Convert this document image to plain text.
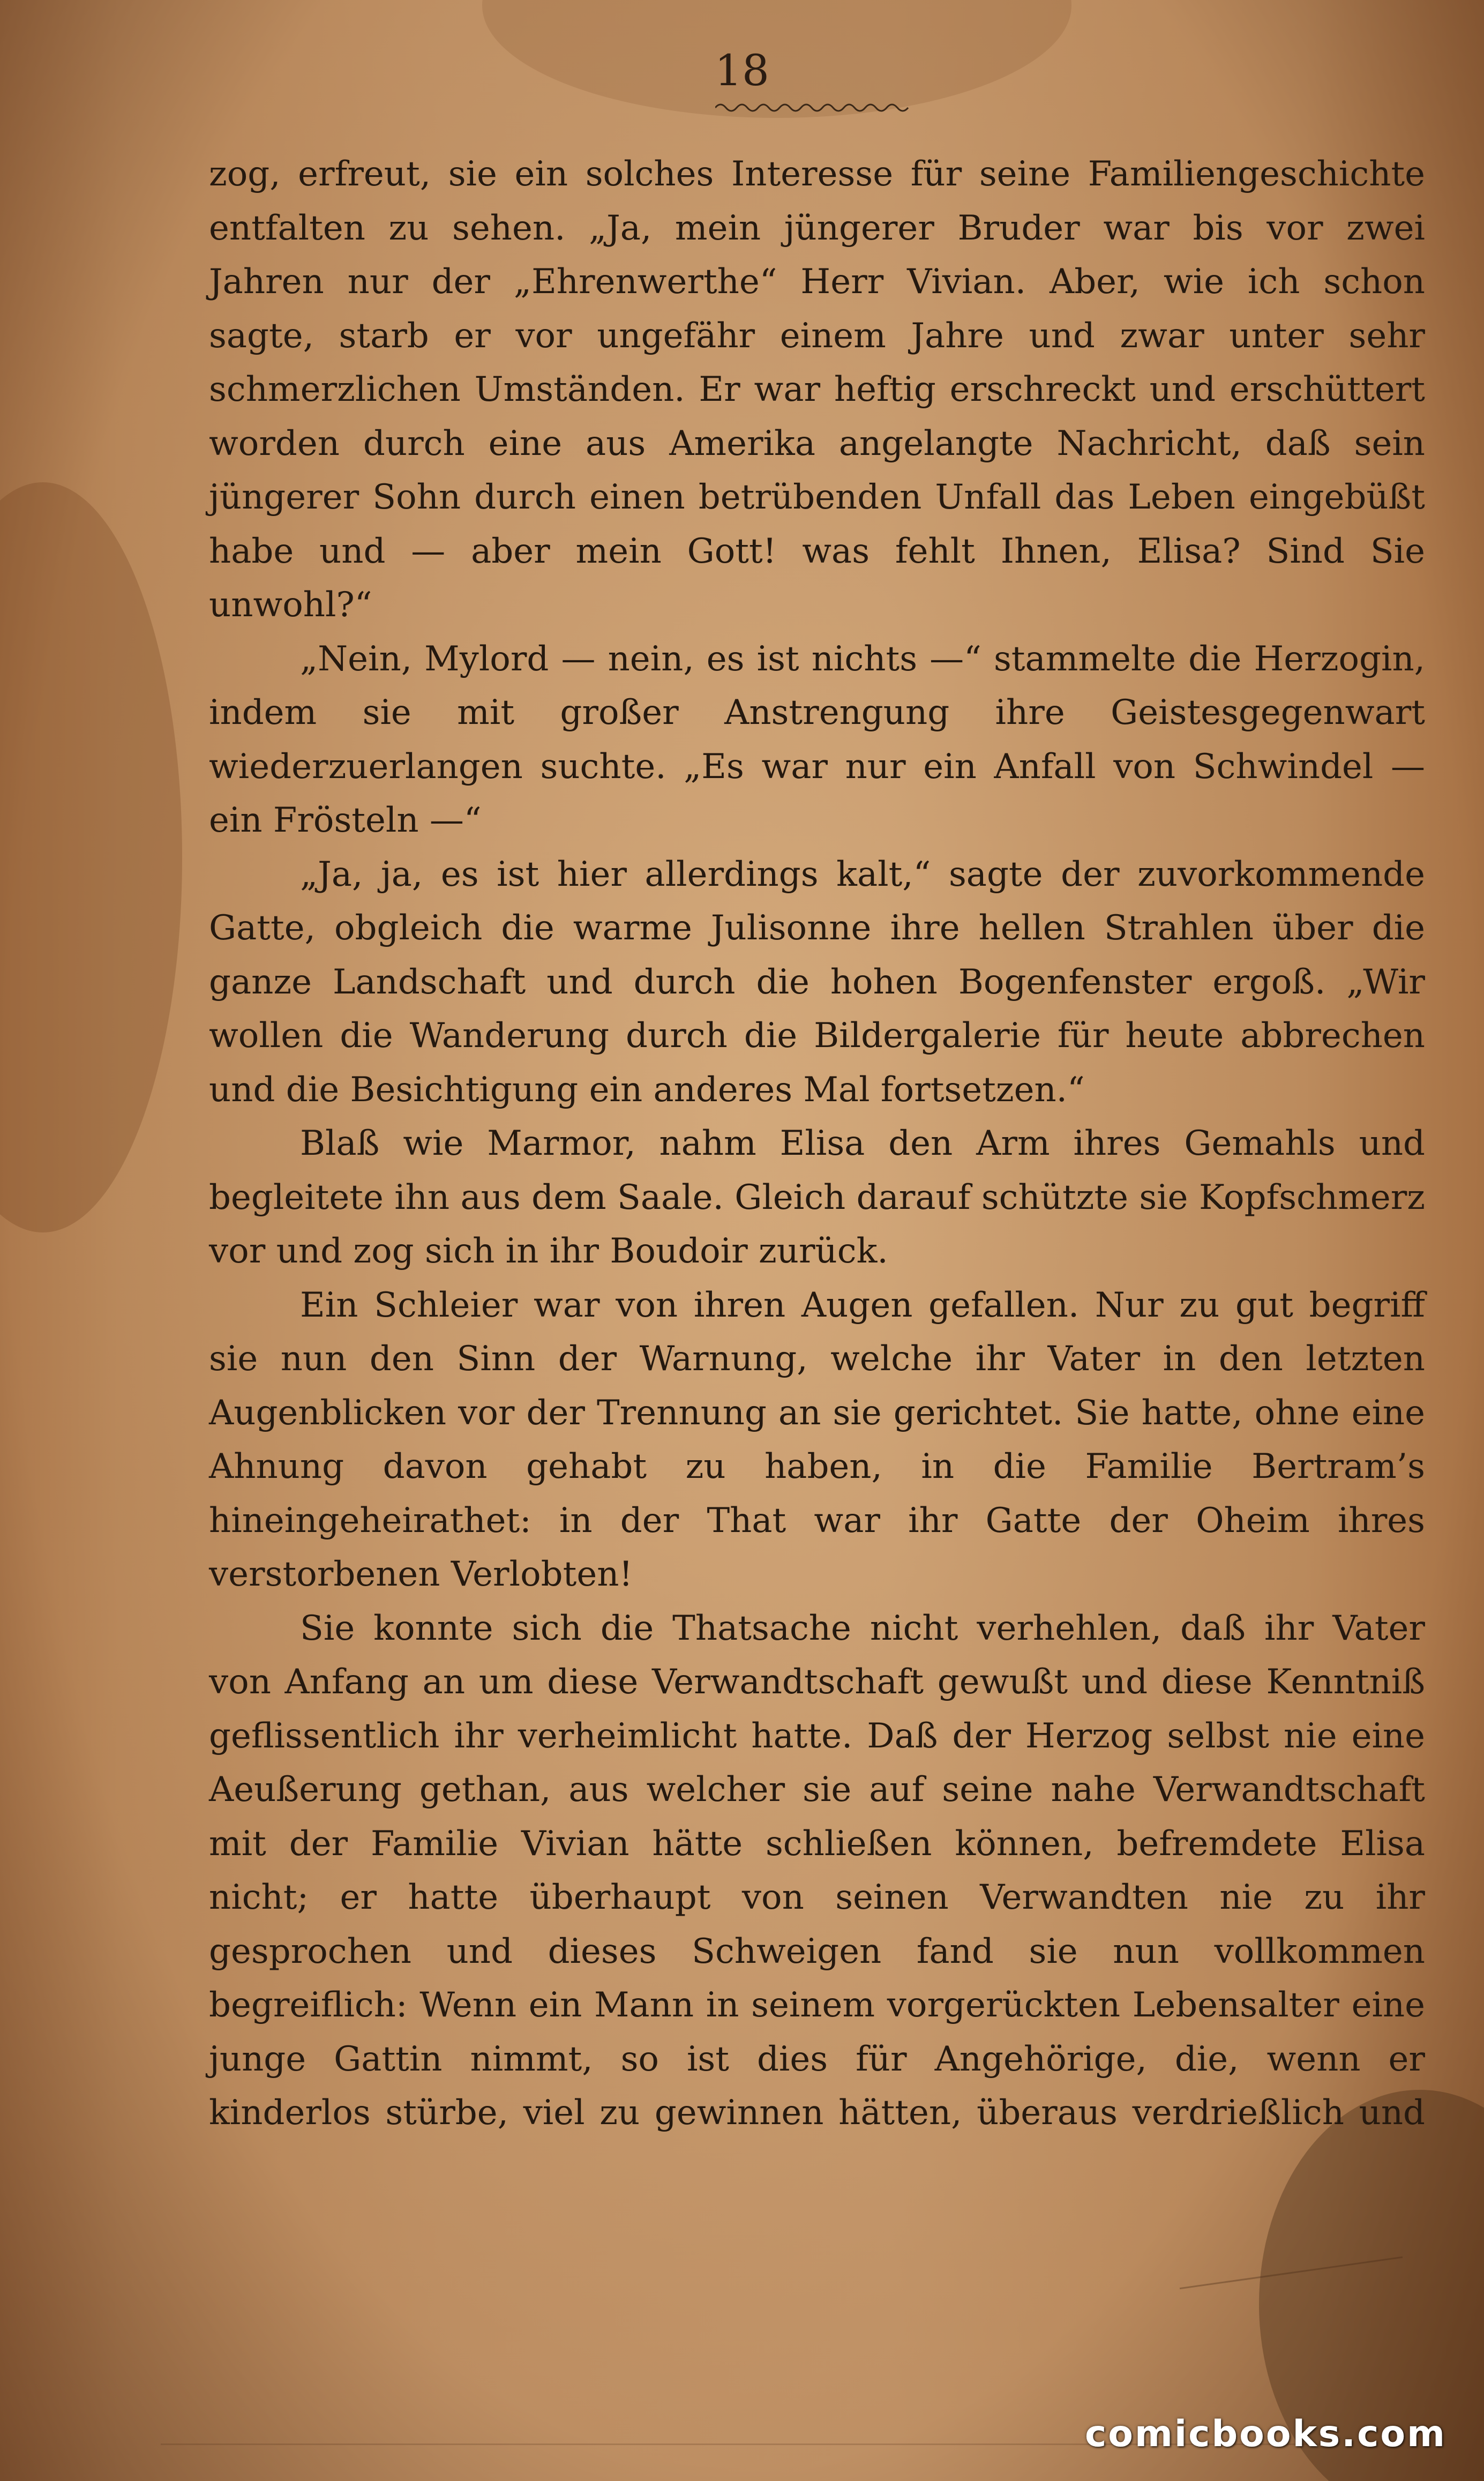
18

zog, erfreut, sie ein solches Interesse für seine Familiengeschichte entfalten zu sehen. „Ja, mein jüngerer Bruder war bis vor zwei Jahren nur der „Ehrenwerthe“ Herr Vivian. Aber, wie ich schon sagte, starb er vor ungefähr einem Jahre und zwar unter sehr schmerzlichen Umständen. Er war heftig erschreckt und erschüttert worden durch eine aus Amerika angelangte Nachricht, daß sein jüngerer Sohn durch einen betrübenden Unfall das Leben eingebüßt habe und — aber mein Gott! was fehlt Ihnen, Elisa? Sind Sie unwohl?“

„Nein, Mylord — nein, es ist nichts —“ stammelte die Herzogin, indem sie mit großer Anstrengung ihre Geistesgegenwart wiederzuerlangen suchte. „Es war nur ein Anfall von Schwindel — ein Frösteln —“

„Ja, ja, es ist hier allerdings kalt,“ sagte der zuvorkommende Gatte, obgleich die warme Julisonne ihre hellen Strahlen über die ganze Landschaft und durch die hohen Bogenfenster ergoß. „Wir wollen die Wanderung durch die Bildergalerie für heute abbrechen und die Besichtigung ein anderes Mal fortsetzen.“

Blaß wie Marmor, nahm Elisa den Arm ihres Gemahls und begleitete ihn aus dem Saale. Gleich darauf schützte sie Kopfschmerz vor und zog sich in ihr Boudoir zurück.

Ein Schleier war von ihren Augen gefallen. Nur zu gut begriff sie nun den Sinn der Warnung, welche ihr Vater in den letzten Augenblicken vor der Trennung an sie gerichtet. Sie hatte, ohne eine Ahnung davon gehabt zu haben, in die Familie Bertram’s hineingeheirathet: in der That war ihr Gatte der Oheim ihres verstorbenen Verlobten!

Sie konnte sich die Thatsache nicht verhehlen, daß ihr Vater von Anfang an um diese Verwandtschaft gewußt und diese Kenntniß geflissentlich ihr verheimlicht hatte. Daß der Herzog selbst nie eine Aeußerung gethan, aus welcher sie auf seine nahe Verwandtschaft mit der Familie Vivian hätte schließen können, befremdete Elisa nicht; er hatte überhaupt von seinen Verwandten nie zu ihr gesprochen und dieses Schweigen fand sie nun vollkommen begreiflich: Wenn ein Mann in seinem vorgerückten Lebensalter eine junge Gattin nimmt, so ist dies für Angehörige, die, wenn er kinderlos stürbe, viel zu gewinnen hätten, überaus verdrießlich und

comicbooks.com
